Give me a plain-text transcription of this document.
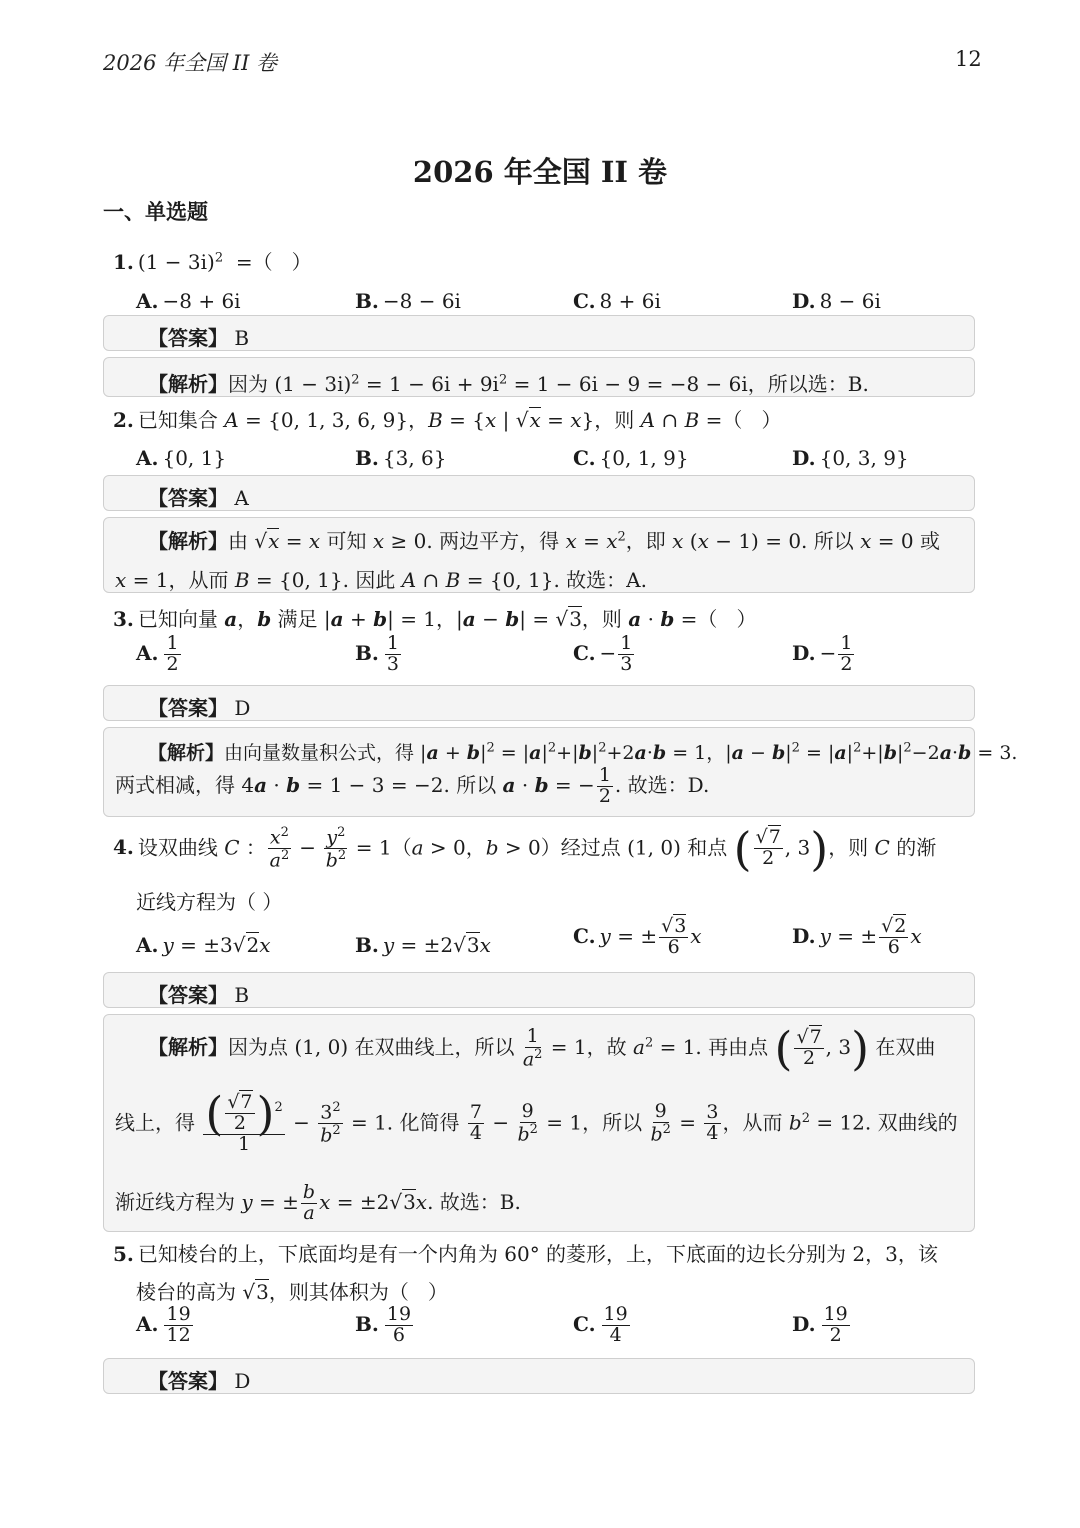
2026 年全国 II 卷	12
2026 年全国 II 卷
一、单选题
1. $(1 - 3i)^2$  =（   ）
A. −8 + 6i	B. −8 − 6i	C. 8 + 6i	D. 8 − 6i
【答案】 B
【解析】因为 $(1 - 3i)^2 = 1 - 6i + 9i^2 = 1 - 6i - 9 = -8 - 6i$，所以选：B.
2. 已知集合 A = {0, 1, 3, 6, 9}，B = {x | √x = x}，则 A ∩ B =（   ）
A. {0, 1}	B. {3, 6}	C. {0, 1, 9}	D. {0, 3, 9}
【答案】 A
【解析】由 √x = x 可知 x ≥ 0. 两边平方，得 $x = x^2$，即 x (x − 1) = 0. 所以 x = 0 或
x = 1，从而 B = {0, 1}. 因此 A ∩ B = {0, 1}. 故选：A.
3. 已知向量 a，b 满足 |a + b| = 1，|a − b| = √3，则 a · b =（   ）
A. $\frac{1}{2}$	B. $\frac{1}{3}$	C. − $\frac{1}{3}$	D. − $\frac{1}{2}$
【答案】 D
【解析】由向量数量积公式，得 $|a + b|^2 = |a|^2+|b|^2+2a\cdot b = 1$，$|a - b|^2 = |a|^2+|b|^2-2a\cdot b = 3$.
两式相减，得 4a · b = 1 − 3 = −2. 所以 a · b = − $\frac{1}{2}$ . 故选：D.
4. 设双曲线 C ： $\frac{x^2}{a^2} - \frac{y^2}{b^2} = 1(a > 0$，b > 0）经过点 (1, 0) 和点 ( $\frac{√7}{2}$ , 3)，则 C 的渐
近线方程为（ ）
A. y = ±3√2x	B. y = ±2√3x	C. y = ± $\frac{√3}{6}$ x	D. y = ± $\frac{√2}{6}$ x
【答案】 B
【解析】因为点 (1, 0) 在双曲线上，所以 $\frac{1}{a^2} = 1$，故 $a^2 = 1$. 再由点 ( $\frac{√7}{2}$ , 3) 在双曲
线上，得 $\frac{( \frac{√7}{2} )^2}{1} - \frac{3^2}{b^2} = 1$. 化简得 $\frac{7}{4} - \frac{9}{b^2} = 1$，所以 $\frac{9}{b^2} = \frac{3}{4}$ ，从而 $b^2 = 12$. 双曲线的
渐近线方程为 y = ± $\frac{b}{a}$ x = ±2√3x. 故选：B.
5. 已知棱台的上，下底面均是有一个内角为 60° 的菱形，上，下底面的边长分别为 2，3，该
棱台的高为 √3，则其体积为（   ）
A. $\frac{19}{12}$	B. $\frac{19}{6}$	C. $\frac{19}{4}$	D. $\frac{19}{2}$
【答案】 D
